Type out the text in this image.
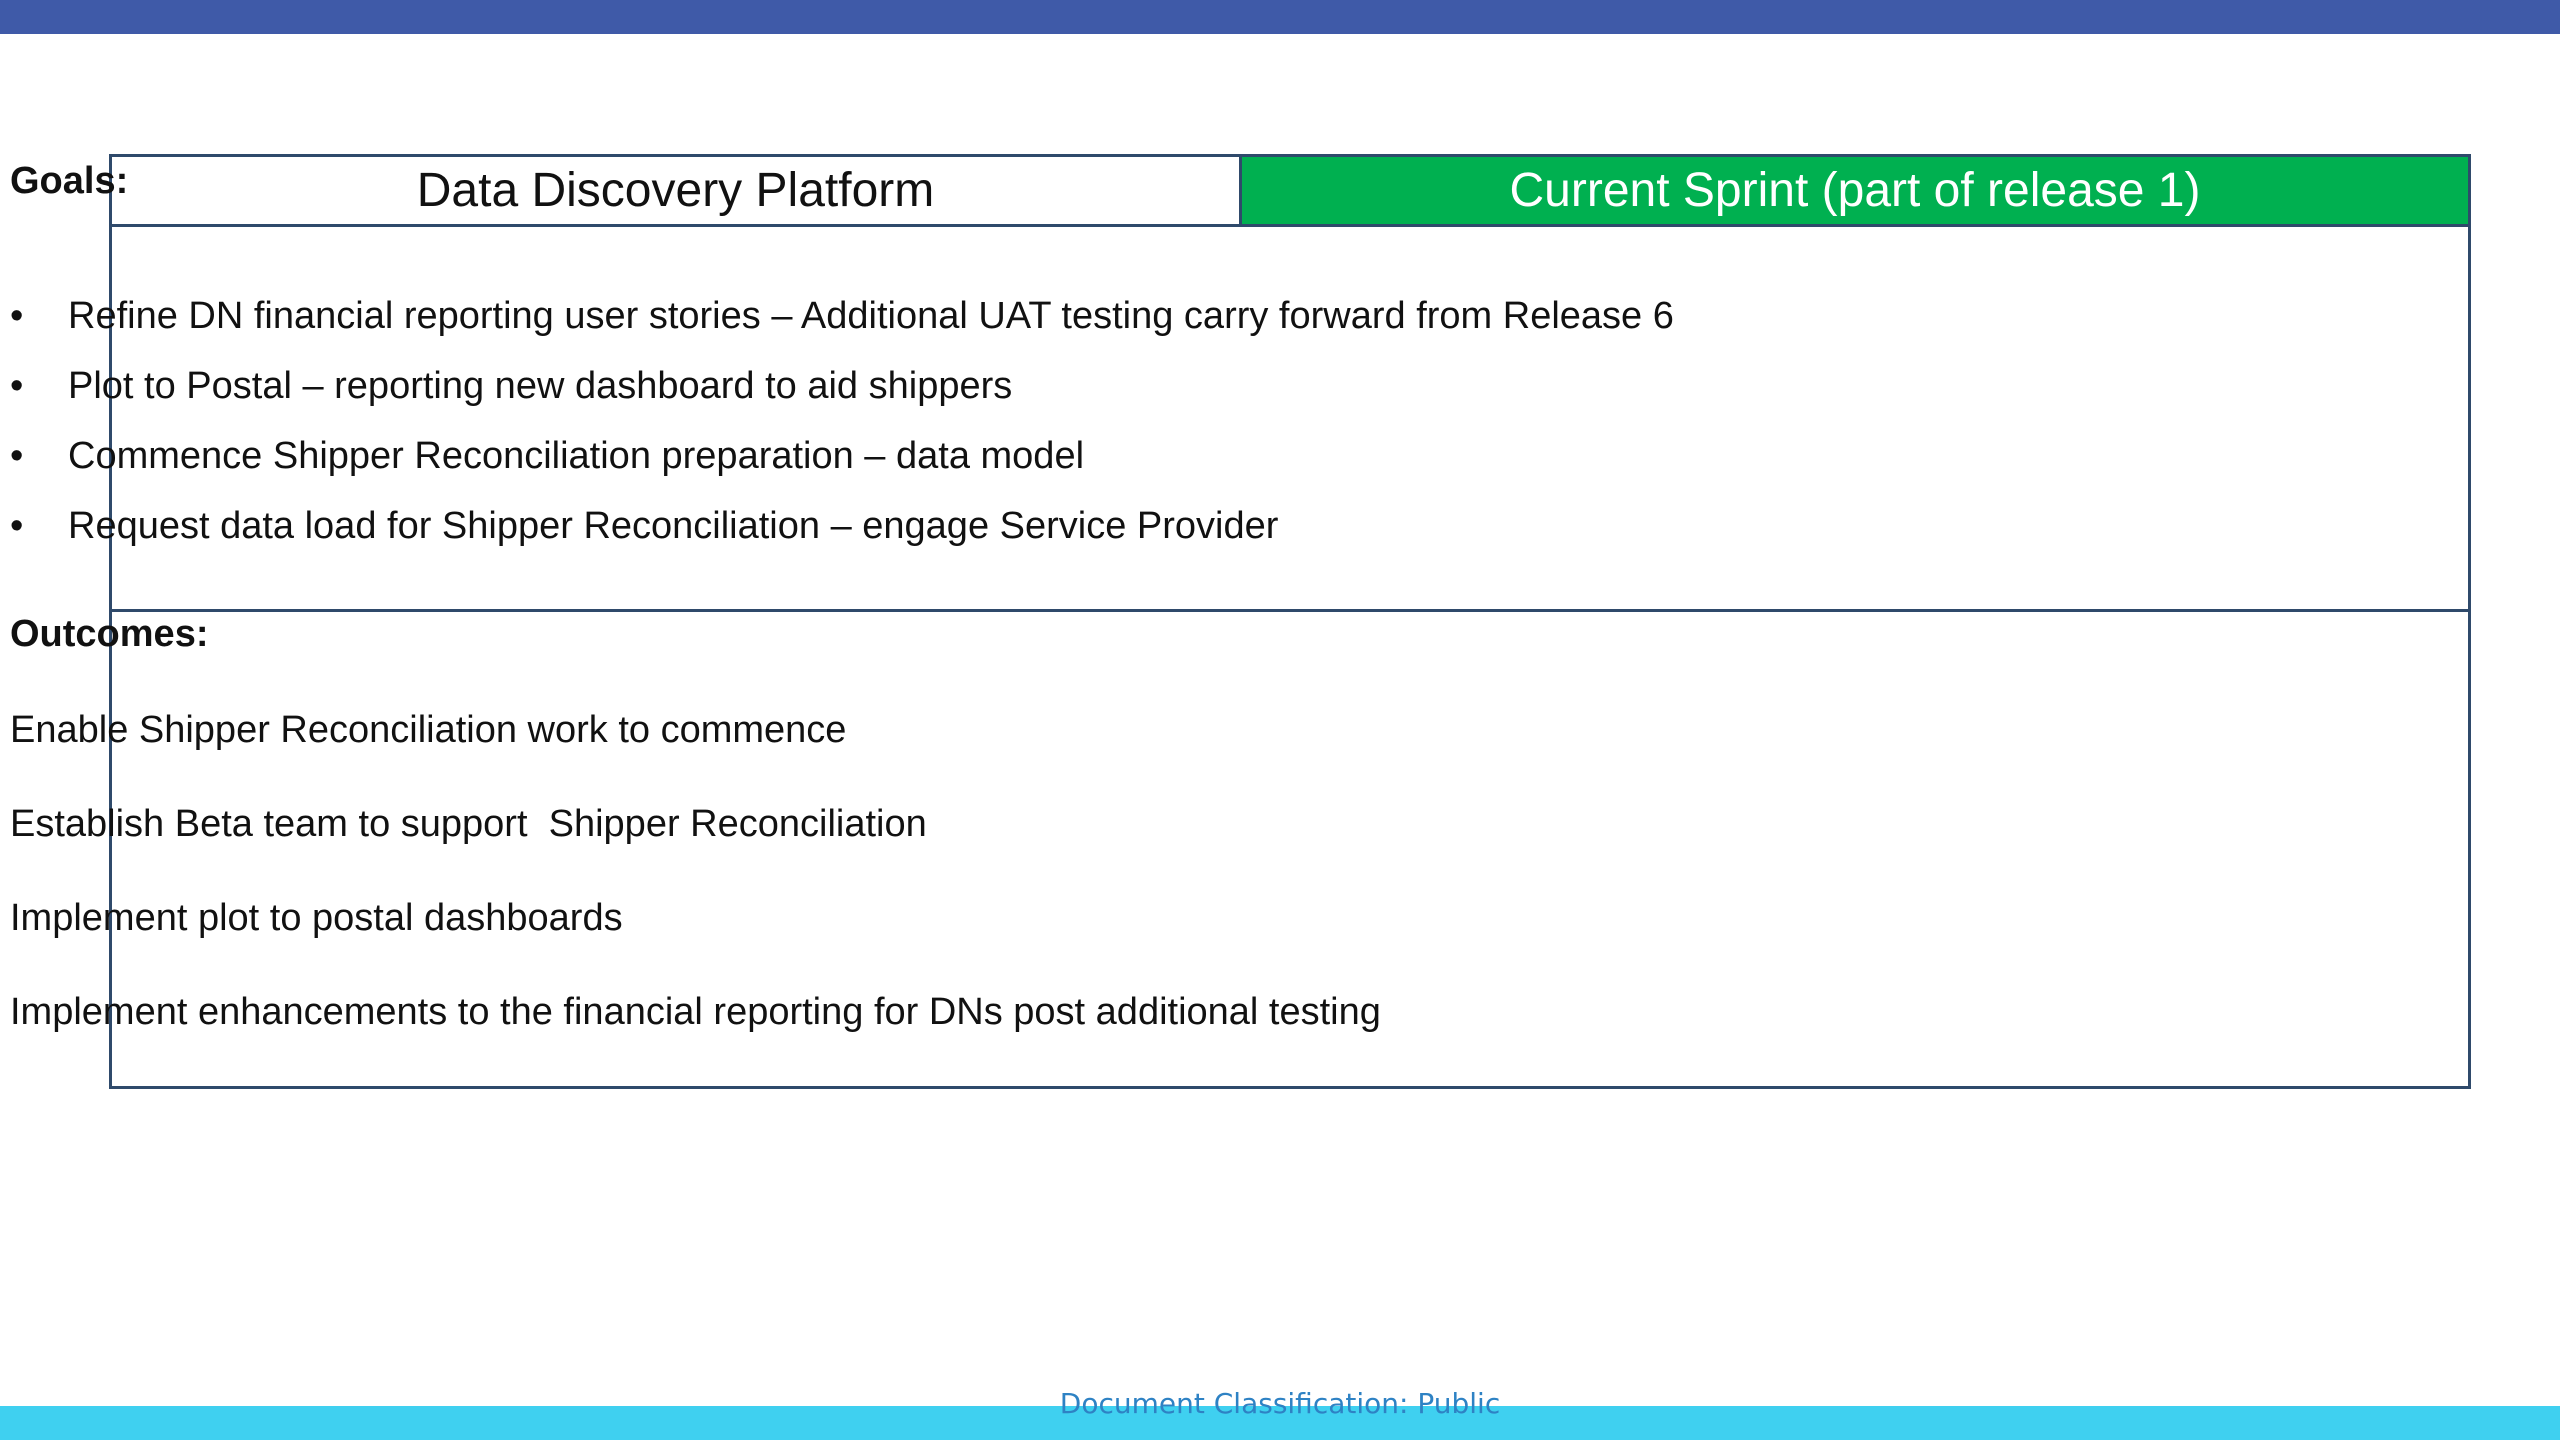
Data Discovery Platform	Current Sprint (part of release 1)
Goals:
• Refine DN financial reporting user stories – Additional UAT testing carry forward from Release 6
• Plot to Postal – reporting new dashboard to aid shippers
• Commence Shipper Reconciliation preparation – data model
• Request data load for Shipper Reconciliation – engage Service Provider
Outcomes:
Enable Shipper Reconciliation work to commence
Establish Beta team to support  Shipper Reconciliation
Implement plot to postal dashboards
Implement enhancements to the financial reporting for DNs post additional testing
Document Classification: Public
